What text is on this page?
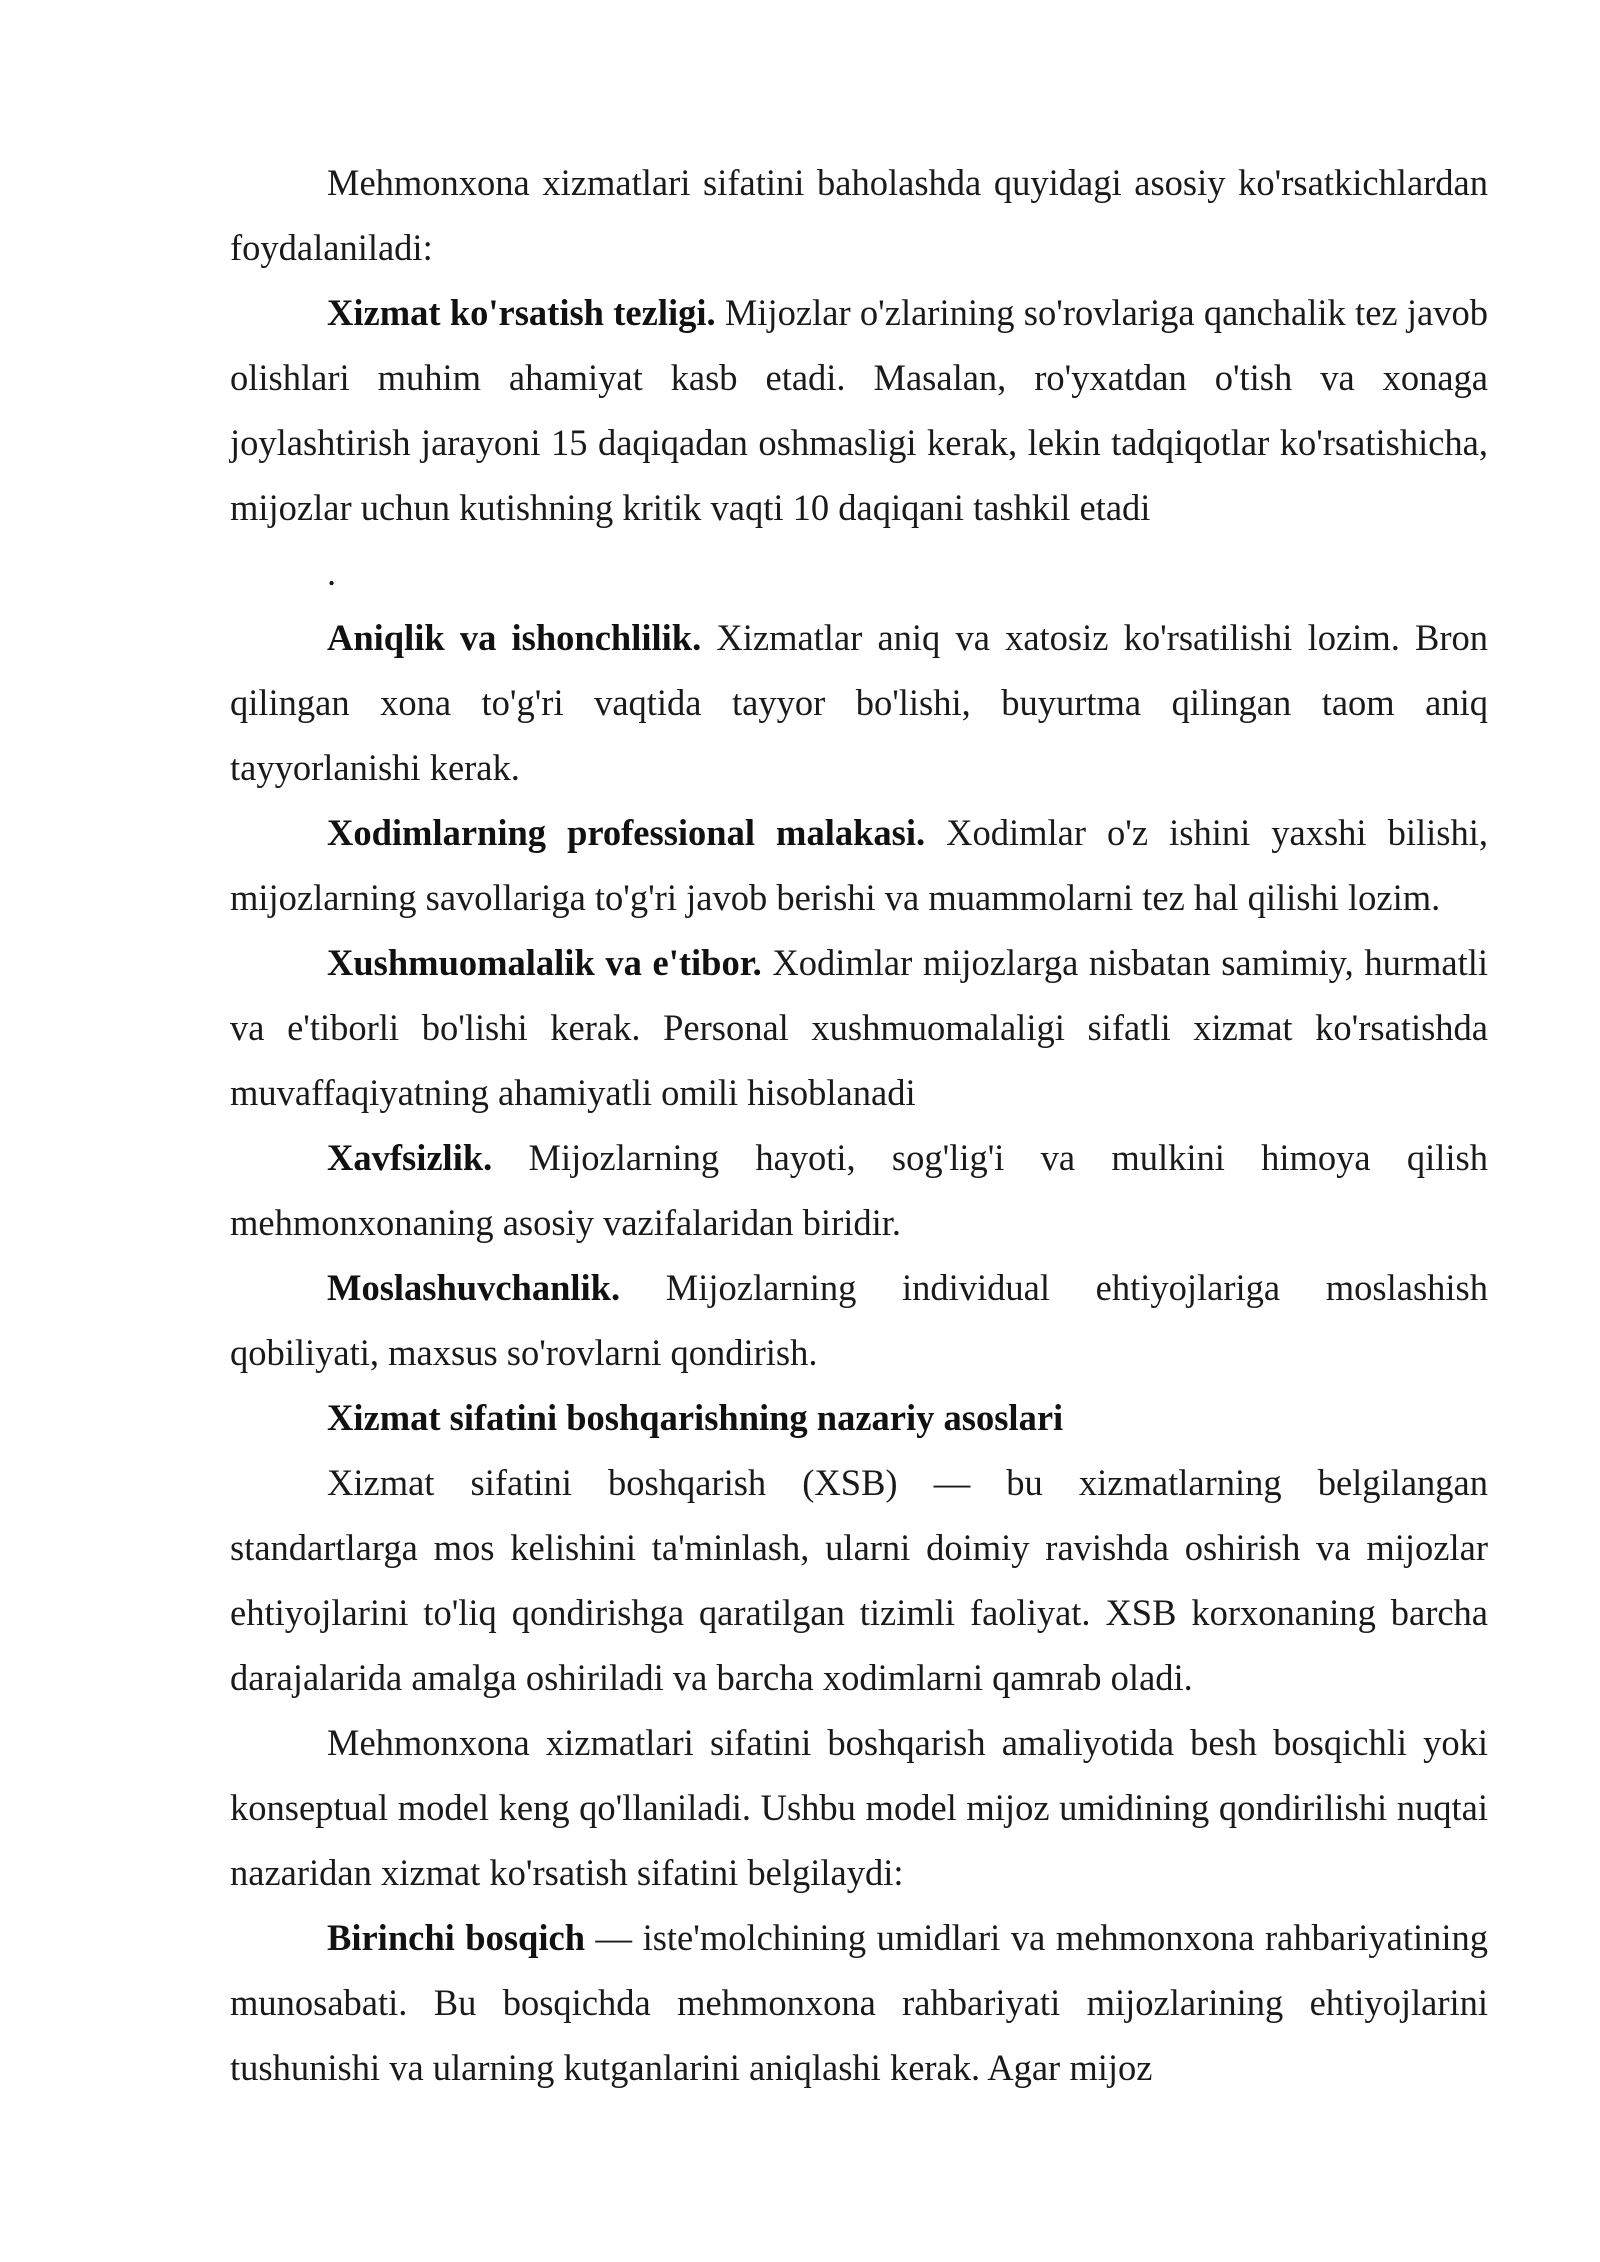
Mehmonxona xizmatlari sifatini baholashda quyidagi asosiy ko'rsatkichlardan foydalaniladi:

Xizmat ko'rsatish tezligi. Mijozlar o'zlarining so'rovlariga qanchalik tez javob olishlari muhim ahamiyat kasb etadi. Masalan, ro'yxatdan o'tish va xonaga joylashtirish jarayoni 15 daqiqadan oshmasligi kerak, lekin tadqiqotlar ko'rsatishicha, mijozlar uchun kutishning kritik vaqti 10 daqiqani tashkil etadi

.

Aniqlik va ishonchlilik. Xizmatlar aniq va xatosiz ko'rsatilishi lozim. Bron qilingan xona to'g'ri vaqtida tayyor bo'lishi, buyurtma qilingan taom aniq tayyorlanishi kerak.

Xodimlarning professional malakasi. Xodimlar o'z ishini yaxshi bilishi, mijozlarning savollariga to'g'ri javob berishi va muammolarni tez hal qilishi lozim.

Xushmuomalalik va e'tibor. Xodimlar mijozlarga nisbatan samimiy, hurmatli va e'tiborli bo'lishi kerak. Personal xushmuomalaligi sifatli xizmat ko'rsatishda muvaffaqiyatning ahamiyatli omili hisoblanadi

Xavfsizlik. Mijozlarning hayoti, sog'lig'i va mulkini himoya qilish mehmonxonaning asosiy vazifalaridan biridir.

Moslashuvchanlik. Mijozlarning individual ehtiyojlariga moslashish qobiliyati, maxsus so'rovlarni qondirish.

Xizmat sifatini boshqarishning nazariy asoslari

Xizmat sifatini boshqarish (XSB) — bu xizmatlarning belgilangan standartlarga mos kelishini ta'minlash, ularni doimiy ravishda oshirish va mijozlar ehtiyojlarini to'liq qondirishga qaratilgan tizimli faoliyat. XSB korxonaning barcha darajalarida amalga oshiriladi va barcha xodimlarni qamrab oladi.

Mehmonxona xizmatlari sifatini boshqarish amaliyotida besh bosqichli yoki konseptual model keng qo'llaniladi. Ushbu model mijoz umidining qondirilishi nuqtai nazaridan xizmat ko'rsatish sifatini belgilaydi:

Birinchi bosqich — iste'molchining umidlari va mehmonxona rahbariyatining munosabati. Bu bosqichda mehmonxona rahbariyati mijozlarining ehtiyojlarini tushunishi va ularning kutganlarini aniqlashi kerak. Agar mijoz
